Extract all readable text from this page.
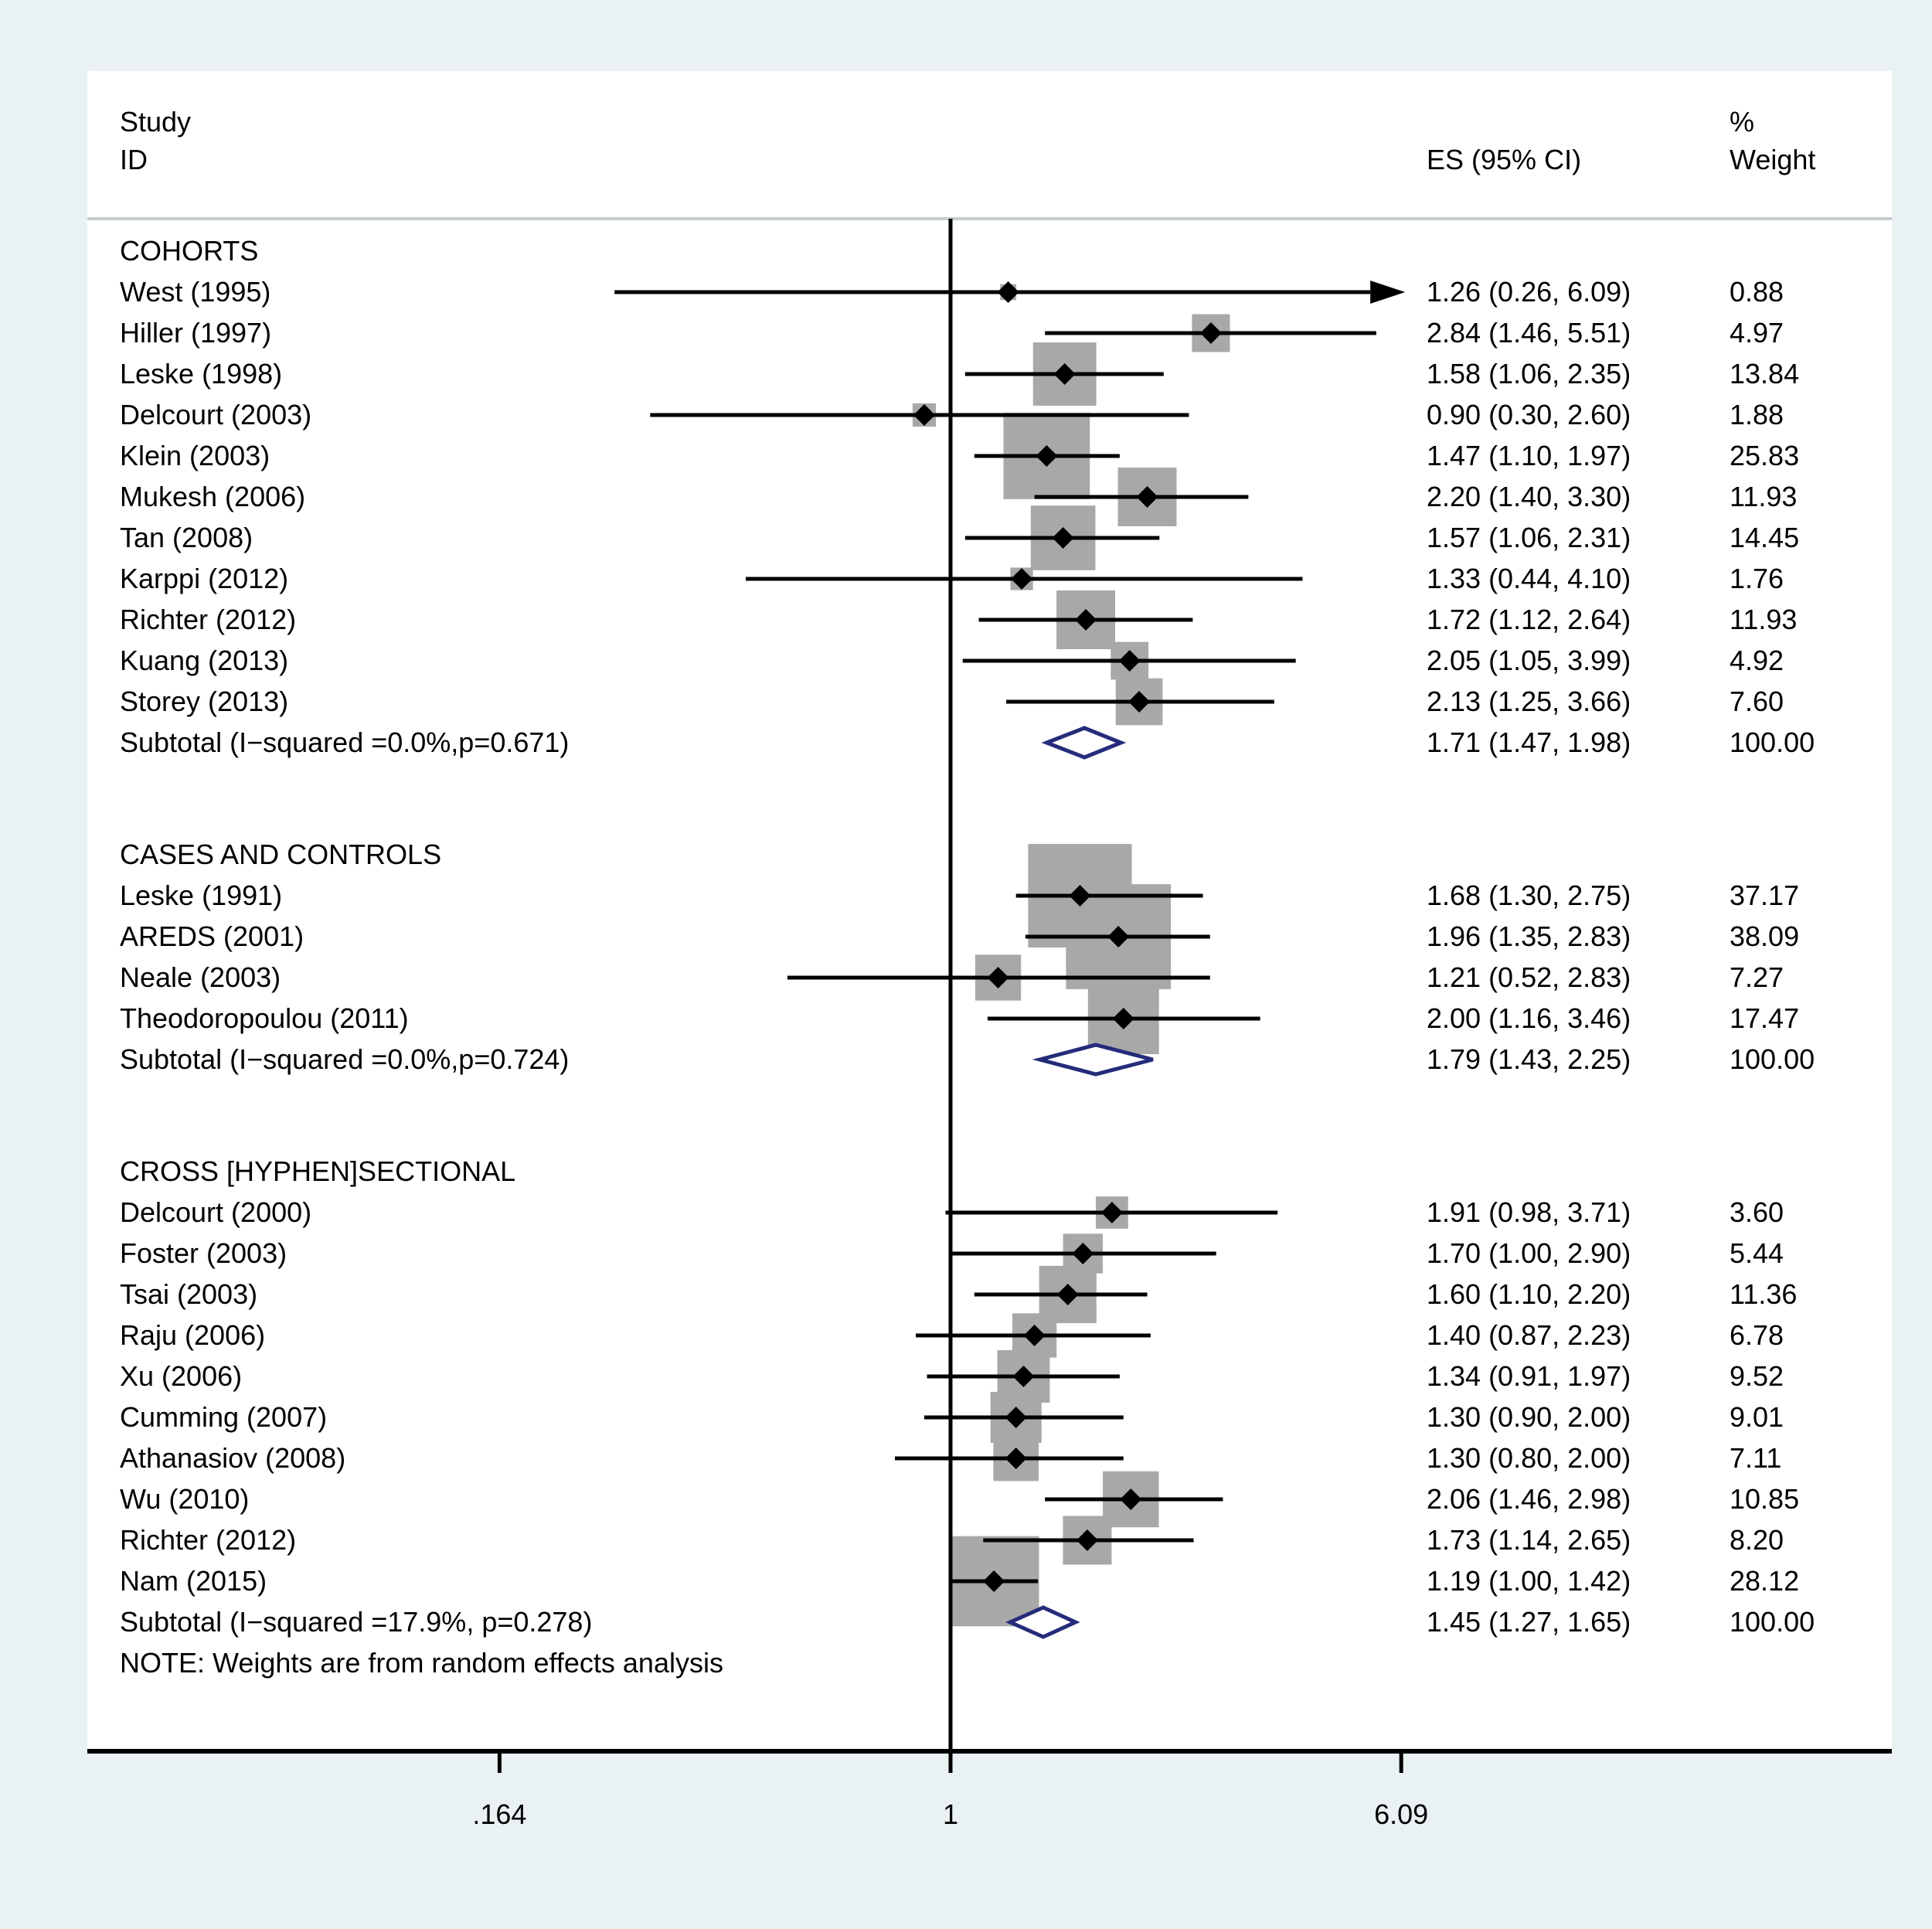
Study
ID	ES (95% CI)
%
Weight
.164	1	6.09
COHORTS
West (1995)	1.26 (0.26, 6.09)	0.88
Hiller (1997)	2.84 (1.46, 5.51)	4.97
Leske (1998)	1.58 (1.06, 2.35)	13.84
Delcourt (2003)	0.90 (0.30, 2.60)	1.88
Klein (2003)	1.47 (1.10, 1.97)	25.83
Mukesh (2006)	2.20 (1.40, 3.30)	11.93
Tan (2008)	1.57 (1.06, 2.31)	14.45
Karppi (2012)	1.33 (0.44, 4.10)	1.76
Richter (2012)	1.72 (1.12, 2.64)	11.93
Kuang (2013)	2.05 (1.05, 3.99)	4.92
Storey (2013)	2.13 (1.25, 3.66)	7.60
Subtotal (I−squared =0.0%,p=0.671)	1.71 (1.47, 1.98)	100.00
CASES AND CONTROLS
Leske (1991)	1.68 (1.30, 2.75)	37.17
AREDS (2001)	1.96 (1.35, 2.83)	38.09
Neale (2003)	1.21 (0.52, 2.83)	7.27
Theodoropoulou (2011)	2.00 (1.16, 3.46)	17.47
Subtotal (I−squared =0.0%,p=0.724)	1.79 (1.43, 2.25)	100.00
CROSS [HYPHEN]SECTIONAL
Delcourt (2000)	1.91 (0.98, 3.71)	3.60
Foster (2003)	1.70 (1.00, 2.90)	5.44
Tsai (2003)	1.60 (1.10, 2.20)	11.36
Raju (2006)	1.40 (0.87, 2.23)	6.78
Xu (2006)	1.34 (0.91, 1.97)	9.52
Cumming (2007)	1.30 (0.90, 2.00)	9.01
Athanasiov (2008)	1.30 (0.80, 2.00)	7.11
Wu (2010)	2.06 (1.46, 2.98)	10.85
Richter (2012)	1.73 (1.14, 2.65)	8.20
Nam (2015)	1.19 (1.00, 1.42)	28.12
Subtotal (I−squared =17.9%, p=0.278)	1.45 (1.27, 1.65)	100.00
NOTE: Weights are from random effects analysis
